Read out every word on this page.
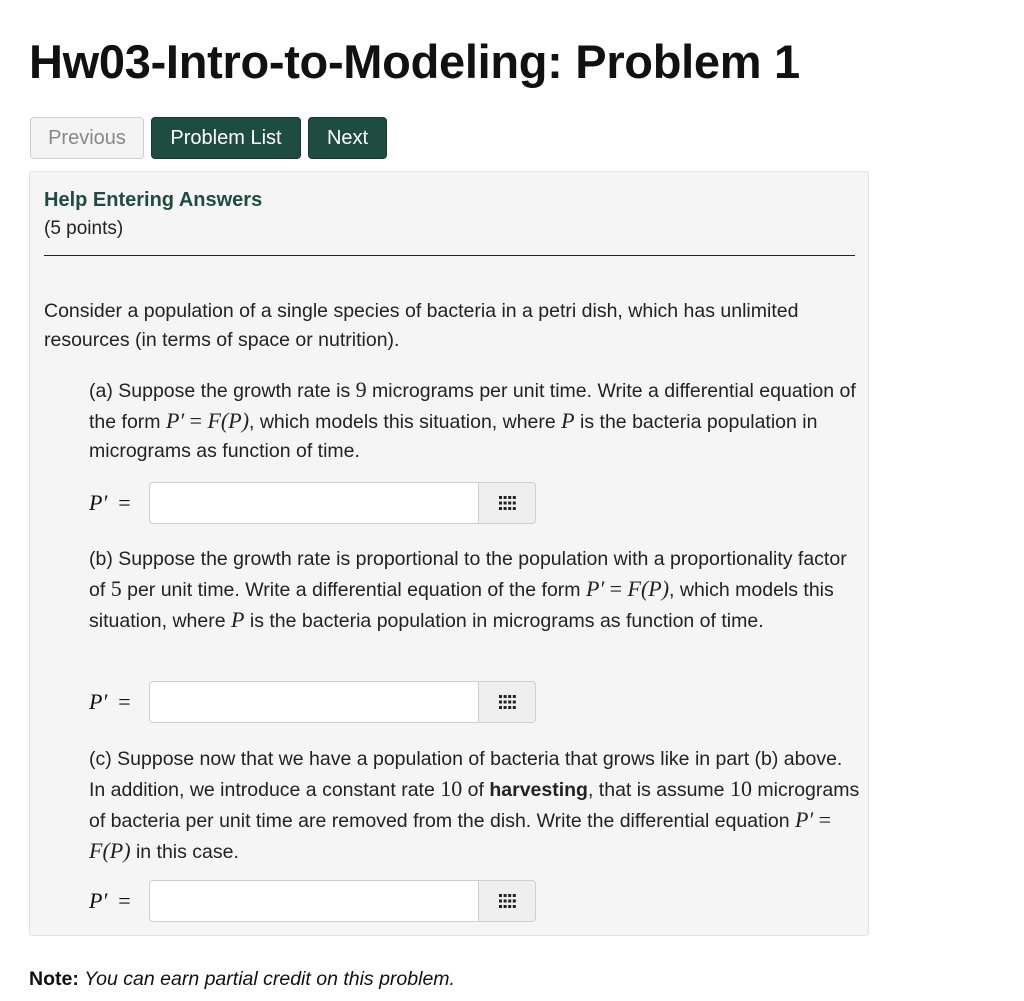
Hw03-Intro-to-Modeling: Problem 1
Previous	Problem List	Next
Help Entering Answers
(5 points)
Consider a population of a single species of bacteria in a petri dish, which has unlimited resources (in terms of space or nutrition).
(a) Suppose the growth rate is 9 micrograms per unit time. Write a differential equation of the form P′ = F(P), which models this situation, where P is the bacteria population in micrograms as function of time.
P′ =
(b) Suppose the growth rate is proportional to the population with a proportionality factor of 5 per unit time. Write a differential equation of the form P′ = F(P), which models this situation, where P is the bacteria population in micrograms as function of time.
P′ =
(c) Suppose now that we have a population of bacteria that grows like in part (b) above. In addition, we introduce a constant rate 10 of harvesting, that is assume 10 micrograms of bacteria per unit time are removed from the dish. Write the differential equation P′ = F(P) in this case.
P′ =
Note: You can earn partial credit on this problem.
